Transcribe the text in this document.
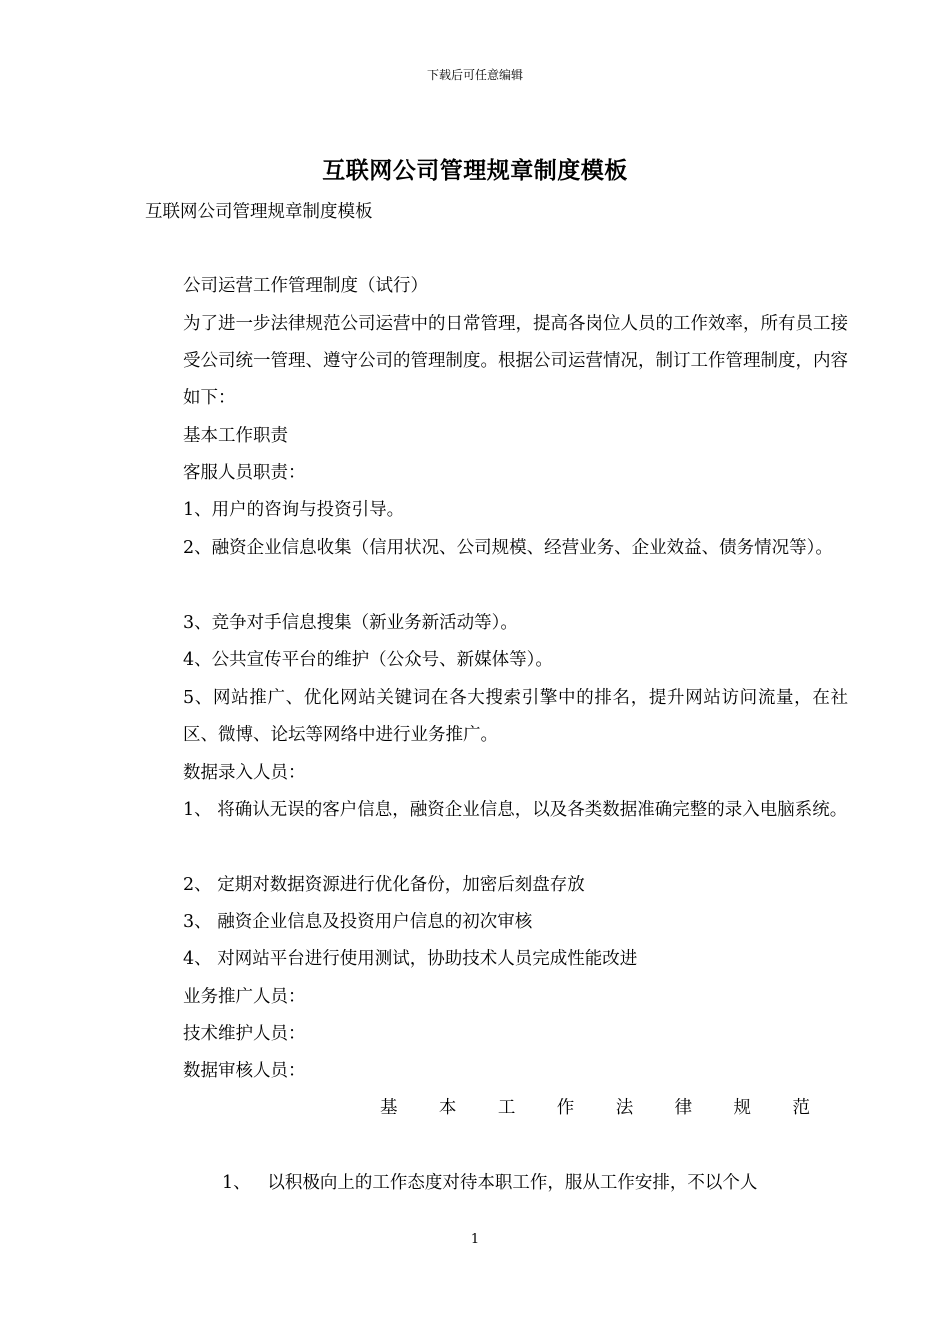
下载后可任意编辑
互联网公司管理规章制度模板

互联网公司管理规章制度模板

公司运营工作管理制度（试行）

为了进一步法律规范公司运营中的日常管理，提高各岗位人员的工作效率，所有员工接受公司统一管理、遵守公司的管理制度。根据公司运营情况，制订工作管理制度，内容如下：

基本工作职责

客服人员职责：

1、用户的咨询与投资引导。

2、融资企业信息收集（信用状况、公司规模、经营业务、企业效益、债务情况等）。

3、竞争对手信息搜集（新业务新活动等）。

4、公共宣传平台的维护（公众号、新媒体等）。

5、网站推广、优化网站关键词在各大搜索引擎中的排名，提升网站访问流量，在社区、微博、论坛等网络中进行业务推广。

数据录入人员：

1、 将确认无误的客户信息，融资企业信息，以及各类数据准确完整的录入电脑系统。

2、 定期对数据资源进行优化备份，加密后刻盘存放

3、 融资企业信息及投资用户信息的初次审核

4、 对网站平台进行使用测试，协助技术人员完成性能改进

业务推广人员：

技术维护人员：

数据审核人员：

基 本 工 作 法 律 规 范

1、   以积极向上的工作态度对待本职工作，服从工作安排，不以个人

1
